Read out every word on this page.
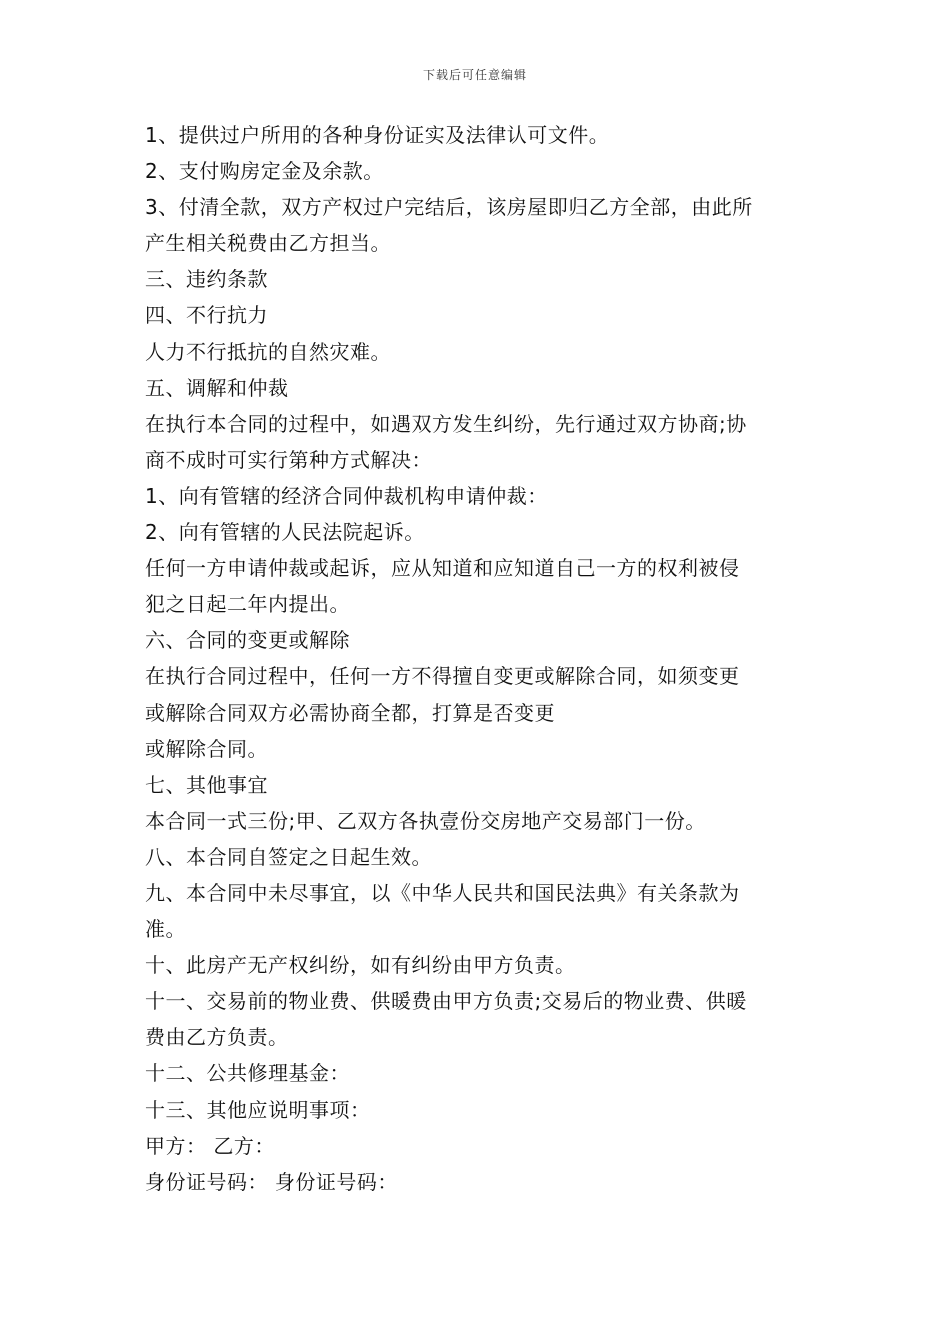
下载后可任意编辑
1、提供过户所用的各种身份证实及法律认可文件。
2、支付购房定金及余款。
3、付清全款，双方产权过户完结后，该房屋即归乙方全部，由此所
产生相关税费由乙方担当。
三、违约条款
四、不行抗力
人力不行抵抗的自然灾难。
五、调解和仲裁
在执行本合同的过程中，如遇双方发生纠纷，先行通过双方协商;协
商不成时可实行第种方式解决：
1、向有管辖的经济合同仲裁机构申请仲裁：
2、向有管辖的人民法院起诉。
任何一方申请仲裁或起诉，应从知道和应知道自己一方的权利被侵
犯之日起二年内提出。
六、合同的变更或解除
在执行合同过程中，任何一方不得擅自变更或解除合同，如须变更
或解除合同双方必需协商全都，打算是否变更
或解除合同。
七、其他事宜
本合同一式三份;甲、乙双方各执壹份交房地产交易部门一份。
八、本合同自签定之日起生效。
九、本合同中未尽事宜，以《中华人民共和国民法典》有关条款为
准。
十、此房产无产权纠纷，如有纠纷由甲方负责。
十一、交易前的物业费、供暖费由甲方负责;交易后的物业费、供暖
费由乙方负责。
十二、公共修理基金：
十三、其他应说明事项：
甲方： 乙方：
身份证号码： 身份证号码：
